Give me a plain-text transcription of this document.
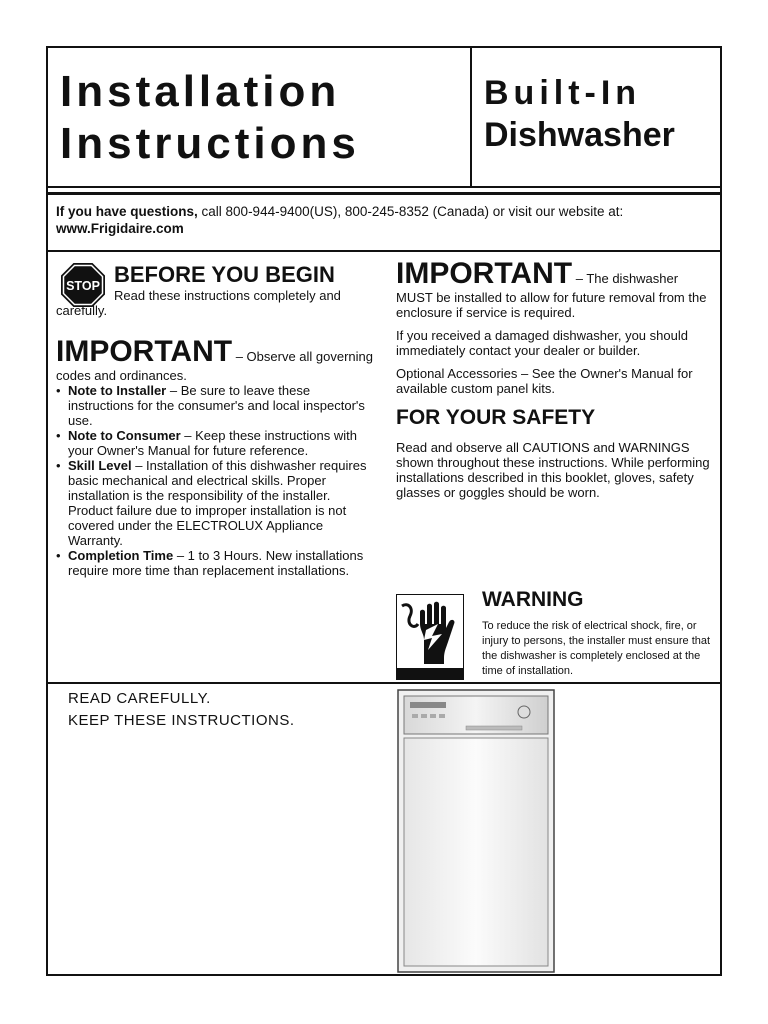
Installation
Instructions
Built-In
Dishwasher
If you have questions, call 800-944-9400(US), 800-245-8352 (Canada) or visit our website at:
www.Frigidaire.com
STOP BEFORE YOU BEGIN
Read these instructions completely and carefully.
IMPORTANT – Observe all governing codes and ordinances.
• Note to Installer – Be sure to leave these instructions for the consumer's and local inspector's use.
• Note to Consumer – Keep these instructions with your Owner's Manual for future reference.
• Skill Level – Installation of this dishwasher requires basic mechanical and electrical skills. Proper installation is the responsibility of the installer. Product failure due to improper installation is not covered under the ELECTROLUX Appliance Warranty.
• Completion Time – 1 to 3 Hours. New installations require more time than replacement installations.
IMPORTANT – The dishwasher MUST be installed to allow for future removal from the enclosure if service is required.
If you received a damaged dishwasher, you should immediately contact your dealer or builder.
Optional Accessories – See the Owner's Manual for available custom panel kits.
FOR YOUR SAFETY
Read and observe all CAUTIONS and WARNINGS shown throughout these instructions. While performing installations described in this booklet, gloves, safety glasses or goggles should be worn.
WARNING
To reduce the risk of electrical shock, fire, or injury to persons, the installer must ensure that the dishwasher is completely enclosed at the time of installation.
READ CAREFULLY.
KEEP THESE INSTRUCTIONS.
